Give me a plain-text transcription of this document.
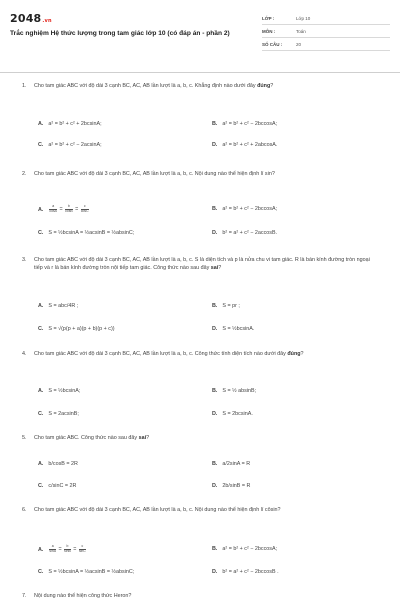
2048.vn
Trắc nghiệm Hệ thức lượng trong tam giác lớp 10 (có đáp án - phần 2)
LỚP :	Lớp 10
MÔN :	Toán
SỐ CÂU :	20
1. Cho tam giác ABC với độ dài 3 cạnh BC, AC, AB lần lượt là a, b, c. Khẳng định nào dưới đây đúng?
A. a² = b² + c² + 2bcsinA;	B. a² = b² + c² − 2bccosA;
C. a² = b² + c² − 2acsinA;	D. a² = b² + c² + 2abcosA.
2. Cho tam giác ABC với độ dài 3 cạnh BC, AC, AB lần lượt là a, b, c. Nội dung nào thể hiện định lí sin?
A. $\frac{a}{\cos A} = \frac{b}{\cos B} = \frac{c}{\cos C}$	B. a² = b² + c² − 2bccosA;
C. S = ½bcsinA = ½acsinB = ½absinC;	D. b² = a² + c² − 2accosB.
3. Cho tam giác ABC với độ dài 3 cạnh BC, AC, AB lần lượt là a, b, c. S là diện tích và p là nửa chu vi tam giác. R là bán kính đường tròn ngoại tiếp và r là bán kính đường tròn nội tiếp tam giác. Công thức nào sau đây sai?
A. S = abc/4R ;	B. S = pr ;
C. S = √(p(p + a)(p + b)(p + c))	D. S = ½bcsinA.
4. Cho tam giác ABC với độ dài 3 cạnh BC, AC, AB lần lượt là a, b, c. Công thức tính diện tích nào dưới đây đúng?
A. S = ½bcsinA;	B. S = ½ absinB;
C. S = 2acsinB;	D. S = 2bcsinA.
5. Cho tam giác ABC. Công thức nào sau đây sai?
A. b/cosB = 2R	B. a/2sinA = R
C. c/sinC = 2R	D. 2b/sinB = R
6. Cho tam giác ABC với độ dài 3 cạnh BC, AC, AB lần lượt là a, b, c. Nội dung nào thể hiện định lí côsin?
A. $\frac{a}{\sin A} = \frac{b}{\sin B} = \frac{c}{\sin C}$	B. a² = b² + c² − 2bccosA;
C. S = ½bcsinA = ½acsinB = ½absinC;	D. b² = a² + c² − 2bccosB .
7. Nội dung nào thể hiện công thức Heron?
